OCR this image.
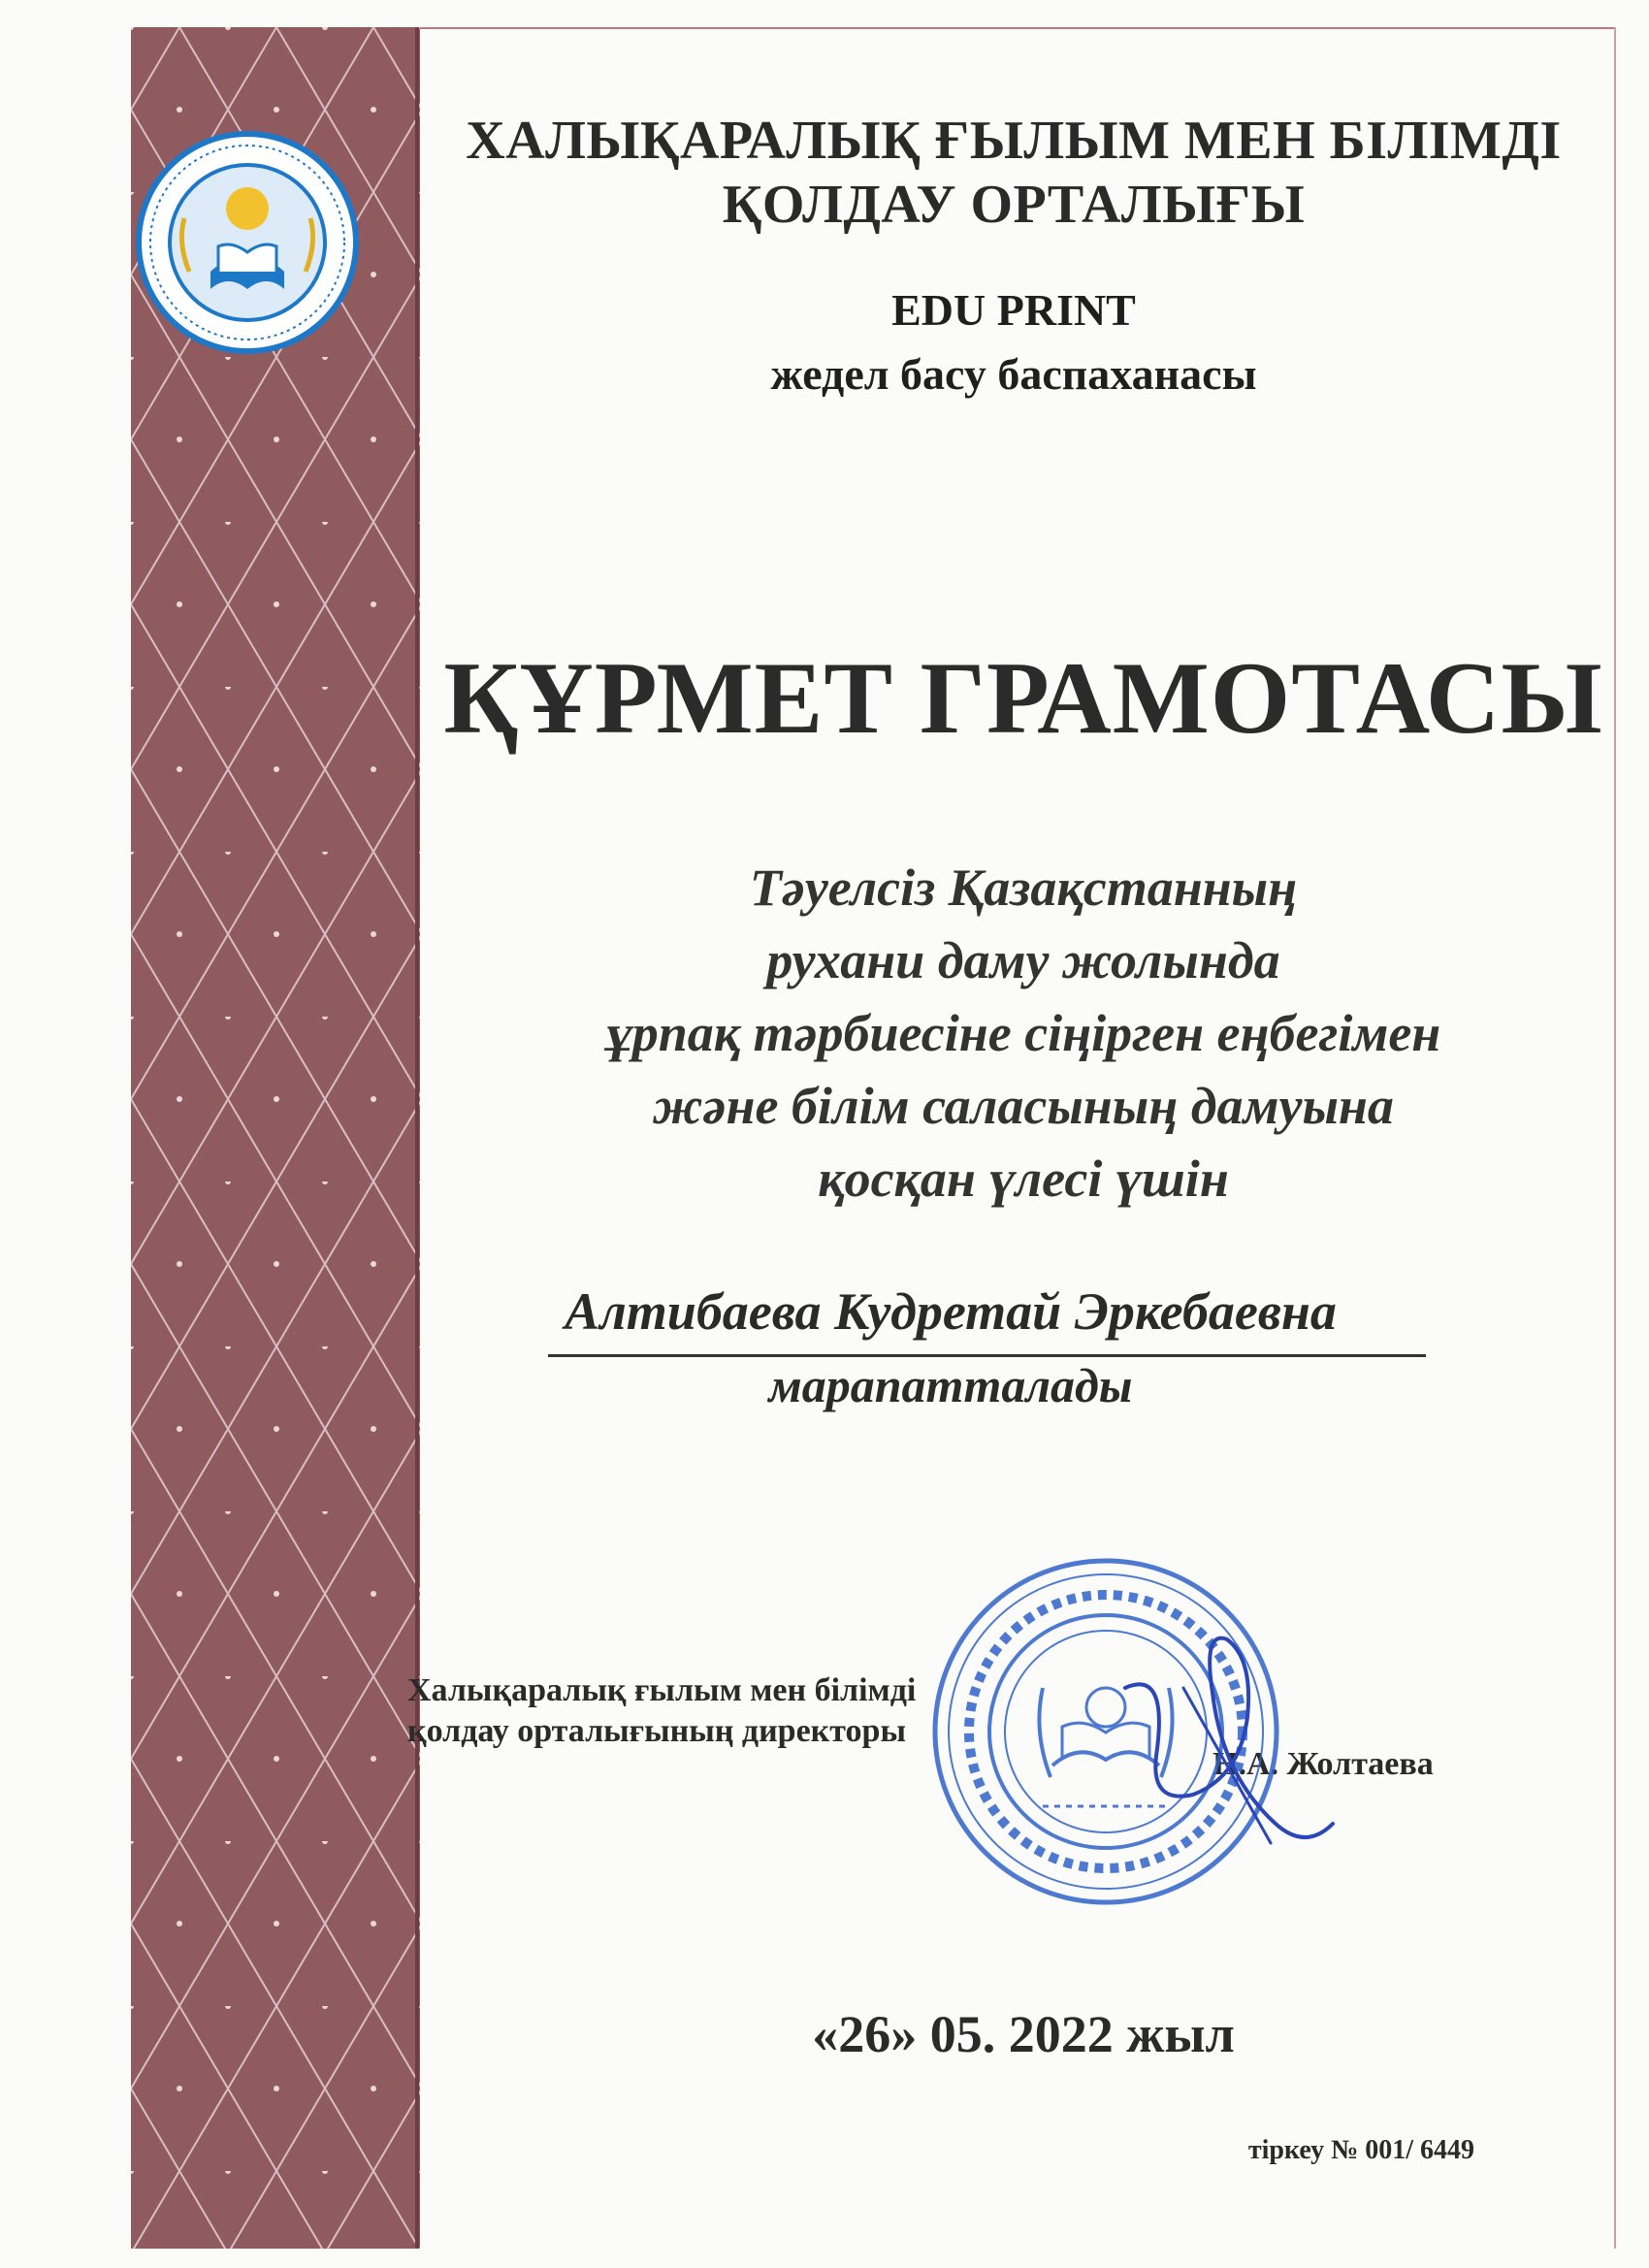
ХАЛЫҚАРАЛЫҚ ҒЫЛЫМ МЕН БІЛІМДІ
ҚОЛДАУ ОРТАЛЫҒЫ
EDU PRINT
жедел басу баспаханасы
ҚҰРМЕТ ГРАМОТАСЫ
Тәуелсіз Қазақстанның
рухани даму жолында
ұрпақ тәрбиесіне сіңірген еңбегімен
және білім саласының дамуына
қосқан үлесі үшін
Алтибаева Кудретай Эркебаевна
марапатталады
Халықаралық ғылым мен білімді
қолдау орталығының директоры
Н.А. Жолтаева
«26» 05. 2022 жыл
тіркеу № 001/ 6449
